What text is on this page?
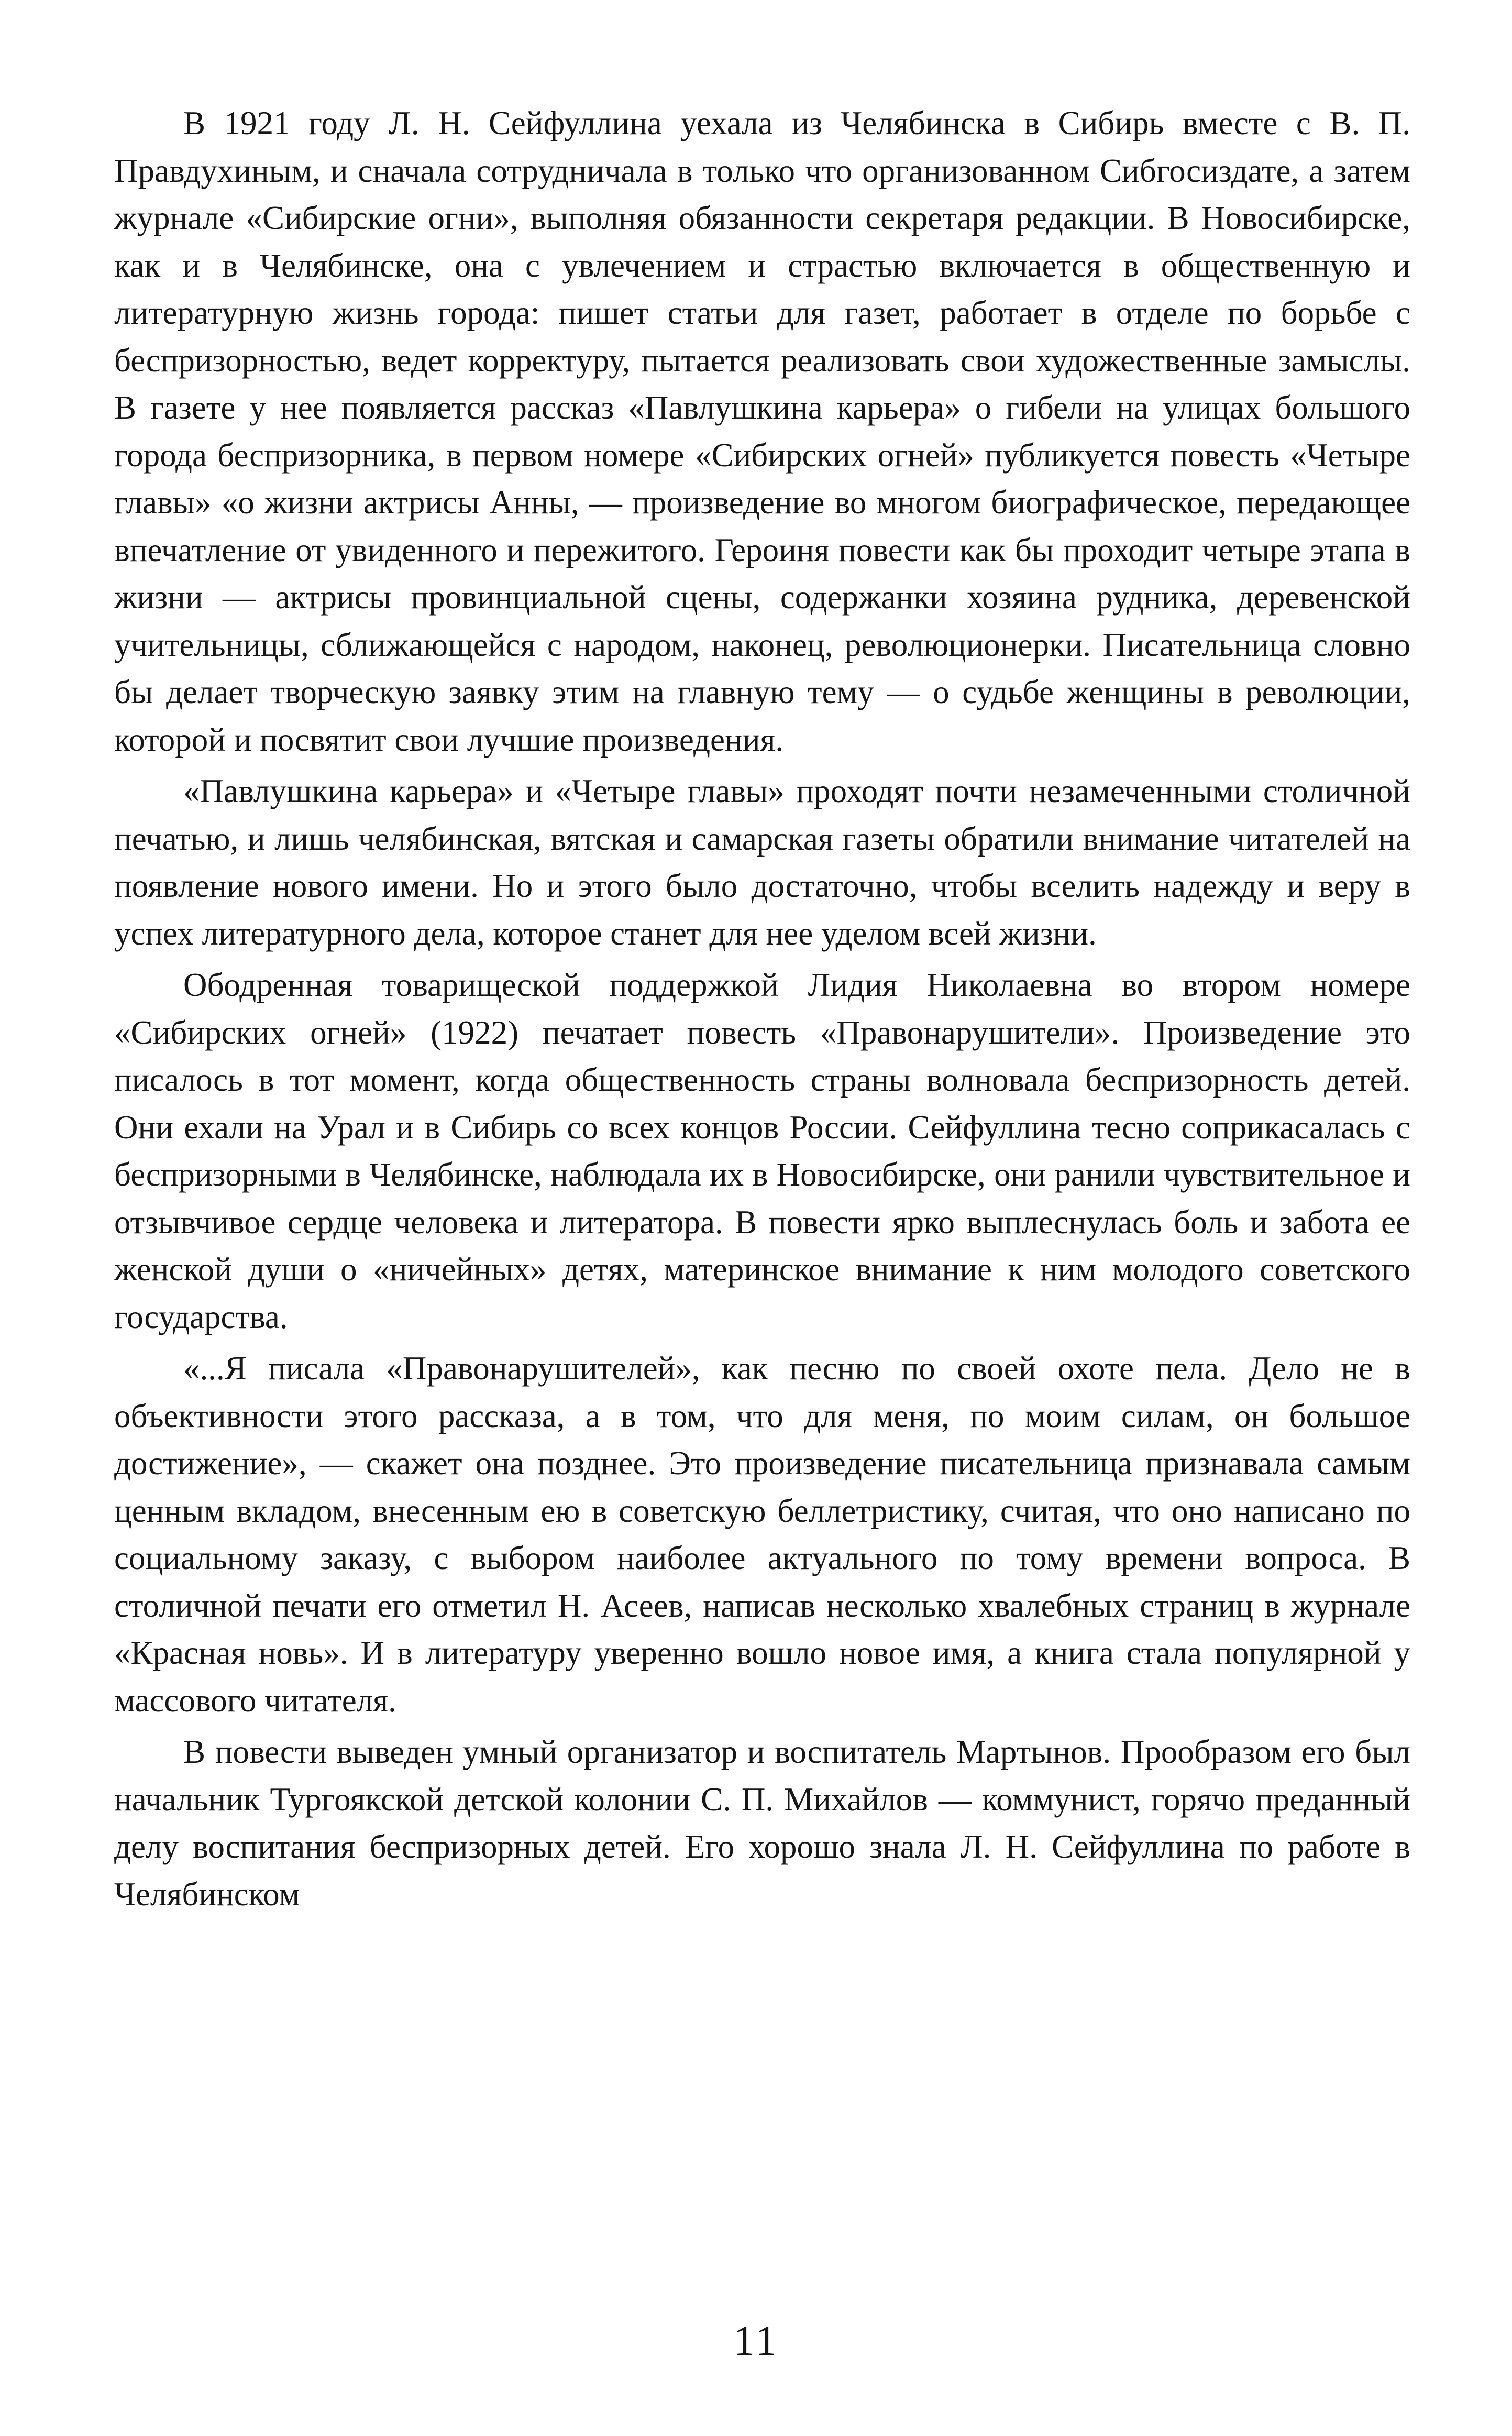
В 1921 году Л. Н. Сейфуллина уехала из Челябинска в Сибирь вместе с В. П. Правдухиным, и сначала сотрудничала в только что организованном Сибгосиздате, а затем журнале «Сибирские огни», выполняя обязанности секретаря редакции. В Новосибирске, как и в Челябинске, она с увлечением и страстью включается в общественную и литературную жизнь города: пишет статьи для газет, работает в отделе по борьбе с беспризорностью, ведет корректуру, пытается реализовать свои художественные замыслы. В газете у нее появляется рассказ «Павлушкина карьера» о гибели на улицах большого города беспризорника, в первом номере «Сибирских огней» публикуется повесть «Четыре главы» «о жизни актрисы Анны, — произведение во многом биографическое, передающее впечатление от увиденного и пережитого. Героиня повести как бы проходит четыре этапа в жизни — актрисы провинциальной сцены, содержанки хозяина рудника, деревенской учительницы, сближающейся с народом, наконец, революционерки. Писательница словно бы делает творческую заявку этим на главную тему — о судьбе женщины в революции, которой и посвятит свои лучшие произведения.

«Павлушкина карьера» и «Четыре главы» проходят почти незамеченными столичной печатью, и лишь челябинская, вятская и самарская газеты обратили внимание читателей на появление нового имени. Но и этого было достаточно, чтобы вселить надежду и веру в успех литературного дела, которое станет для нее уделом всей жизни.

Ободренная товарищеской поддержкой Лидия Николаевна во втором номере «Сибирских огней» (1922) печатает повесть «Правонарушители». Произведение это писалось в тот момент, когда общественность страны волновала беспризорность детей. Они ехали на Урал и в Сибирь со всех концов России. Сейфуллина тесно соприкасалась с беспризорными в Челябинске, наблюдала их в Новосибирске, они ранили чувствительное и отзывчивое сердце человека и литератора. В повести ярко выплеснулась боль и забота ее женской души о «ничейных» детях, материнское внимание к ним молодого советского государства.

«...Я писала «Правонарушителей», как песню по своей охоте пела. Дело не в объективности этого рассказа, а в том, что для меня, по моим силам, он большое достижение», — скажет она позднее. Это произведение писательница признавала самым ценным вкладом, внесенным ею в советскую беллетристику, считая, что оно написано по социальному заказу, с выбором наиболее актуального по тому времени вопроса. В столичной печати его отметил Н. Асеев, написав несколько хвалебных страниц в журнале «Красная новь». И в литературу уверенно вошло новое имя, а книга стала популярной у массового читателя.

В повести выведен умный организатор и воспитатель Мартынов. Прообразом его был начальник Тургоякской детской колонии С. П. Михайлов — коммунист, горячо преданный делу воспитания беспризорных детей. Его хорошо знала Л. Н. Сейфуллина по работе в Челябинском

11
